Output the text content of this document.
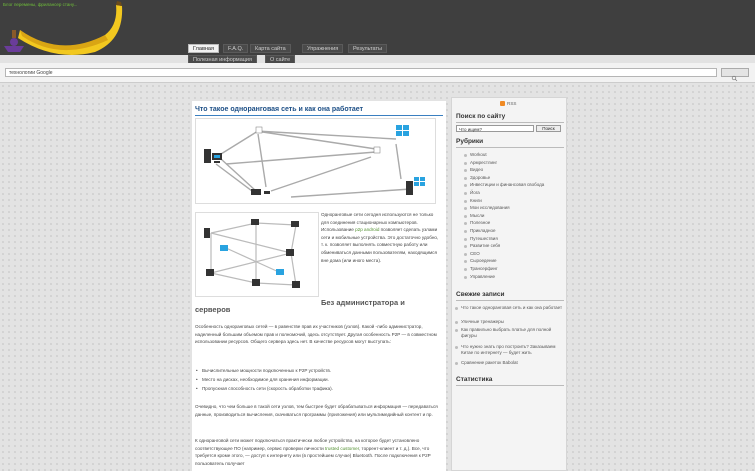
Блог перемены, фрилансер стану...
Главная	F.A.Q.	Карта сайта	Упражнения	Результаты
Полезная информация	О сайте
технологии Google
Что такое одноранговая сеть и как она работает
Одноранговые сети сегодня используются не только для соединения стационарных компьютеров. Использование p2p android позволяет сделать узлами сети и мобильные устройства. Это достаточно удобно, т. к. позволяет выполнять совместную работу или обмениваться данными пользователям, находящимся вне дома (или иного места).
Без администратора и
серверов
Особенность одноранговых сетей — в равенстве прав их участников (узлов). Какой -либо администратор, наделенный большим объемом прав и полномочий, здесь отсутствует. Другая особенность P2P — в совместном использовании ресурсов. Общего сервера здесь нет. В качестве ресурсов могут выступать:
• Вычислительные мощности подключенных к P2P устройств.
• Место на дисках, необходимое для хранения информации.
• Пропускная способность сети (скорость обработки трафика).
Очевидно, что чем больше в такой сети узлов, тем быстрее будет обрабатываться информация — передаваться данные, производиться вычисления, скачиваться программы (приложения) или мультимедийный контент и пр.
К одноранговой сети может подключаться практически любое устройство, на которое будет установлено соответствующее ПО (например, сервис проверки личности trusted customer, торрент-клиент и т. д.). Все, что требуется кроме этого, — доступ к интернету или (в простейшем случае) Bluetooth. После подключения к P2P пользователь получает
RSS
Поиск по сайту
Что ищем?	Поиск
Рубрики
Workout
Армрестлинг
Видео
Здоровье
Инвестиции и финансовая свобода
Йога
Книги
Мои исследования
Мысли
Полезное
Прикладное
Путешествия
Развитие себя
СЕО
Сыроедение
Трансерфинг
Управление
Свежие записи
Что такое одноранговая сеть и как она работает
Уличные тренажеры
Как правильно выбрать платье для полной фигуры
Что нужно знать про построить? Заказываем Китае по интернету — будет жить
Сравнение ракеток Babolat
Статистика
